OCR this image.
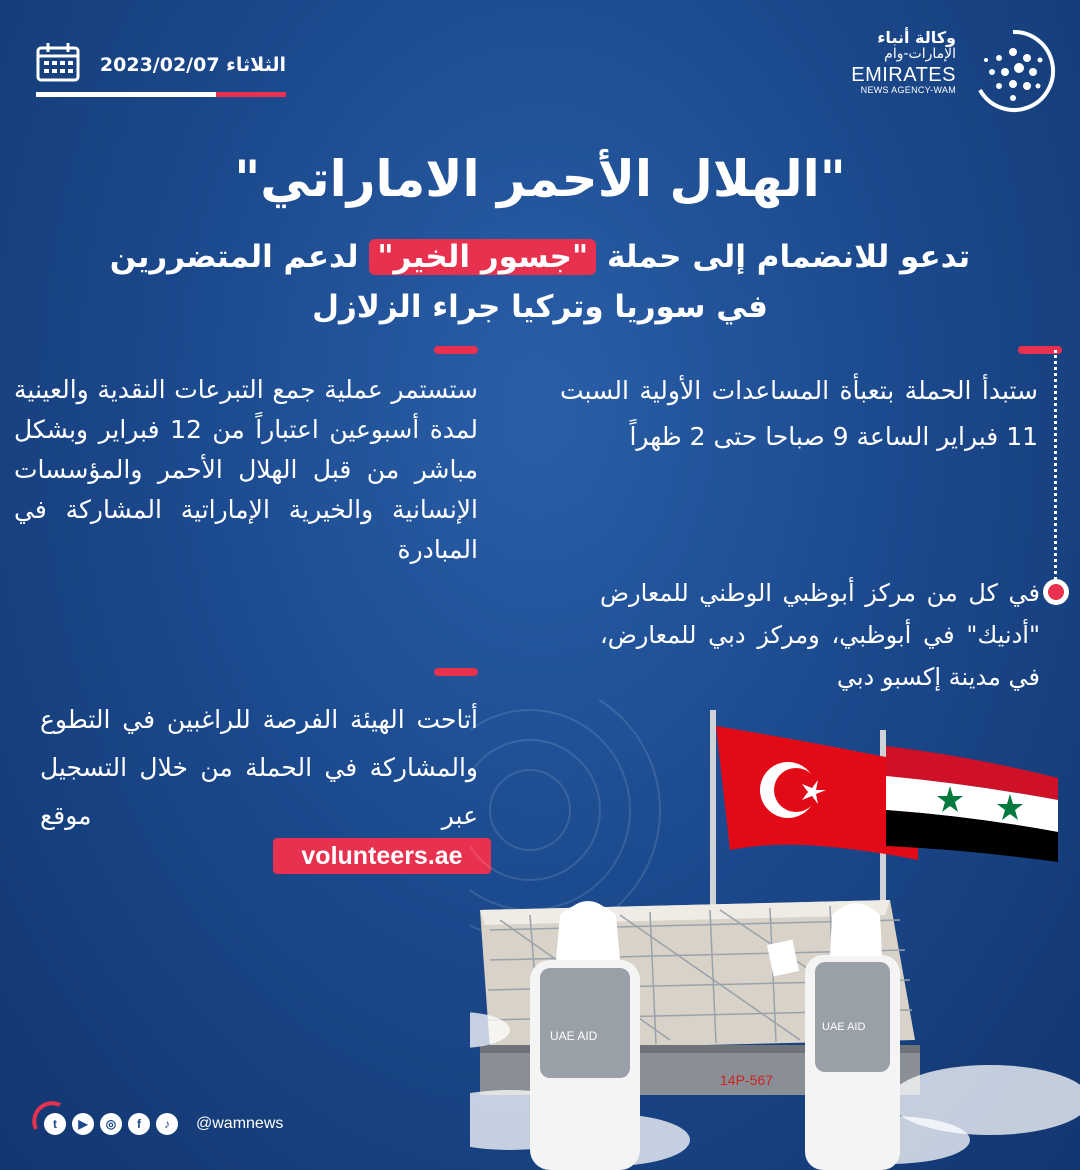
الثلاثاء 2023/02/07
وكالة أنباء
الإمارات-وام
EMIRATES
NEWS AGENCY-WAM
"الهلال الأحمر الاماراتي"
تدعو للانضمام إلى حملة "جسور الخير" لدعم المتضررين في سوريا وتركيا جراء الزلازل
ستبدأ الحملة بتعبأة المساعدات الأولية السبت 11 فبراير الساعة 9 صباحا حتى 2 ظهراً
في كل من مركز أبوظبي الوطني للمعارض "أدنيك" في أبوظبي، ومركز دبي للمعارض، في مدينة إكسبو دبي
ستستمر عملية جمع التبرعات النقدية والعينية لمدة أسبوعين اعتباراً من 12 فبراير وبشكل مباشر من قبل الهلال الأحمر والمؤسسات الإنسانية والخيرية الإماراتية المشاركة في المبادرة
أتاحت الهيئة الفرصة للراغبين في التطوع والمشاركة في الحملة من خلال التسجيل عبر موقع
volunteers.ae
14P-567
UAE AID
UAE AID
t	▶	◎	f	♪	@wamnews
